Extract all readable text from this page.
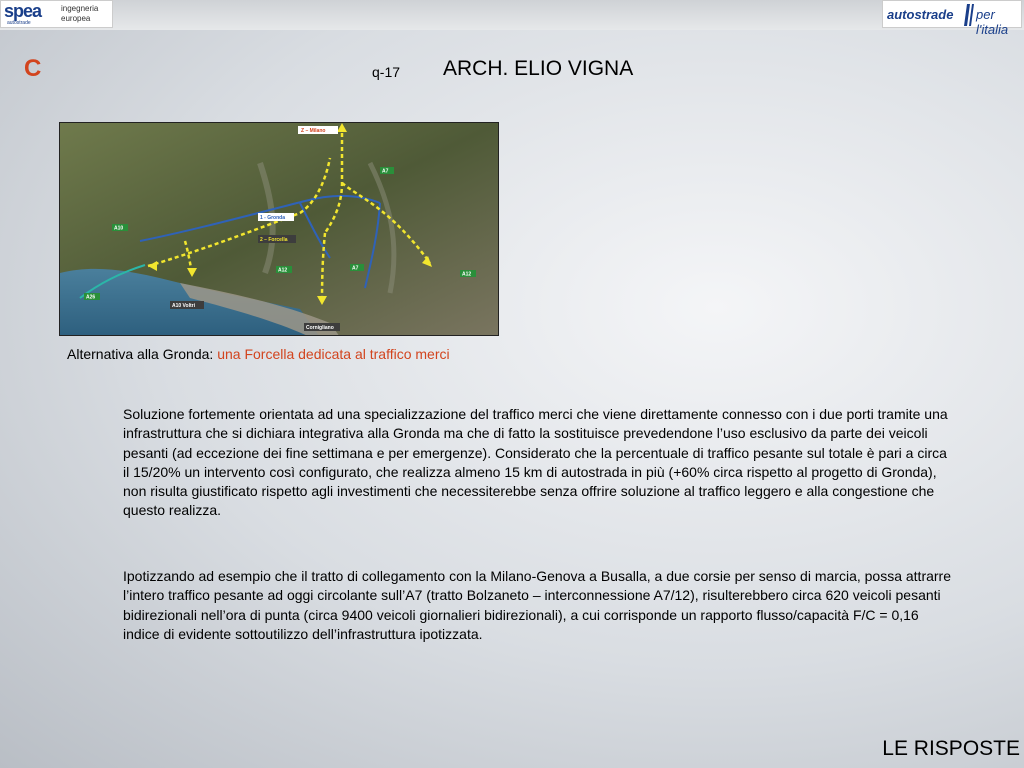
spea
autostrade
ingegneria
europea	autostrade per l'italia
C	q-17 ARCH. ELIO VIGNA
Z – Milano
A7
1 - Gronda
2 – Forcella
A10
A12	A7
A12
A26
A10 Voltri
Cornigliano
Alternativa alla Gronda: una Forcella dedicata al traffico merci

Soluzione fortemente orientata ad una specializzazione del traffico merci che viene direttamente connesso con i due porti tramite una infrastruttura che si dichiara integrativa alla Gronda ma che di fatto la sostituisce prevedendone l’uso esclusivo da parte dei veicoli pesanti (ad eccezione dei fine settimana e per emergenze). Considerato che la percentuale di traffico pesante sul totale è pari a circa il 15/20% un intervento così configurato, che realizza almeno 15 km di autostrada in più (+60% circa rispetto al progetto di Gronda), non risulta giustificato rispetto agli investimenti che necessiterebbe senza offrire soluzione al traffico leggero e alla congestione che questo realizza.

Ipotizzando ad esempio che il tratto di collegamento con la Milano-Genova a Busalla, a due corsie per senso di marcia, possa attrarre l’intero traffico pesante ad oggi circolante sull’A7 (tratto Bolzaneto – interconnessione A7/12), risulterebbero circa 620 veicoli pesanti bidirezionali nell’ora di punta (circa 9400 veicoli giornalieri bidirezionali), a cui corrisponde un rapporto flusso/capacità F/C = 0,16 indice di evidente sottoutilizzo dell’infrastruttura ipotizzata.

LE RISPOSTE
